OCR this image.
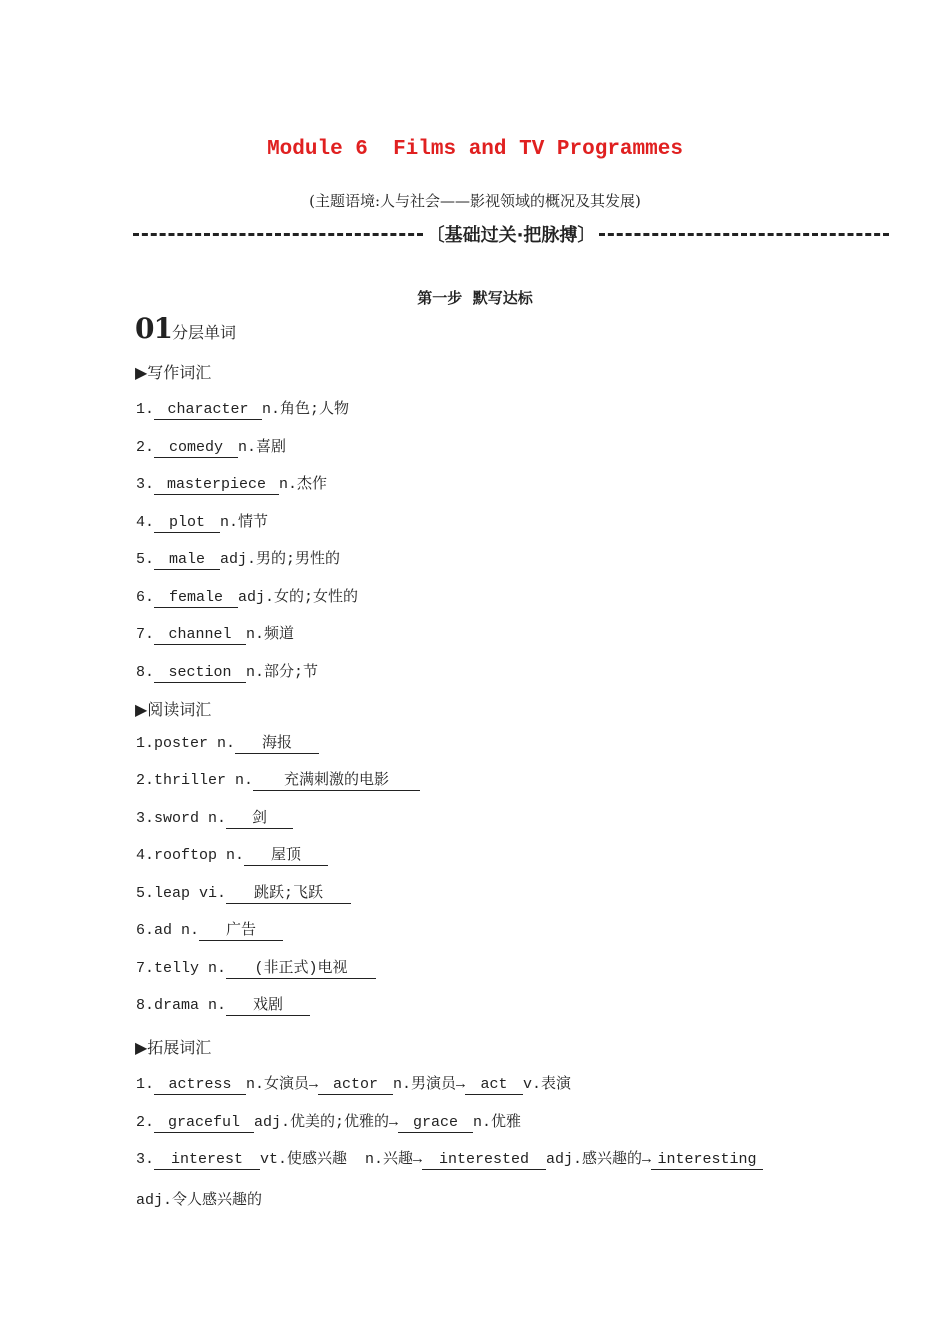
Module 6  Films and TV Programmes
(主题语境:人与社会——影视领域的概况及其发展)
〔基础过关·把脉搏〕
第一步  默写达标
01 分层单词
▶写作词汇
1. character n.角色;人物
2. comedy n.喜剧
3. masterpiece n.杰作
4. plot n.情节
5. male adj.男的;男性的
6. female adj.女的;女性的
7. channel n.频道
8. section n.部分;节
▶阅读词汇
1.poster n. 海报
2.thriller n. 充满刺激的电影
3.sword n. 剑
4.rooftop n. 屋顶
5.leap vi. 跳跃;飞跃
6.ad n. 广告
7.telly n. (非正式)电视
8.drama n. 戏剧
▶拓展词汇
1. actress n.女演员→ actor n.男演员→ act v.表演
2. graceful adj.优美的;优雅的→ grace n.优雅
3. interest vt.使感兴趣  n.兴趣→ interested adj.感兴趣的→ interesting
adj.令人感兴趣的
